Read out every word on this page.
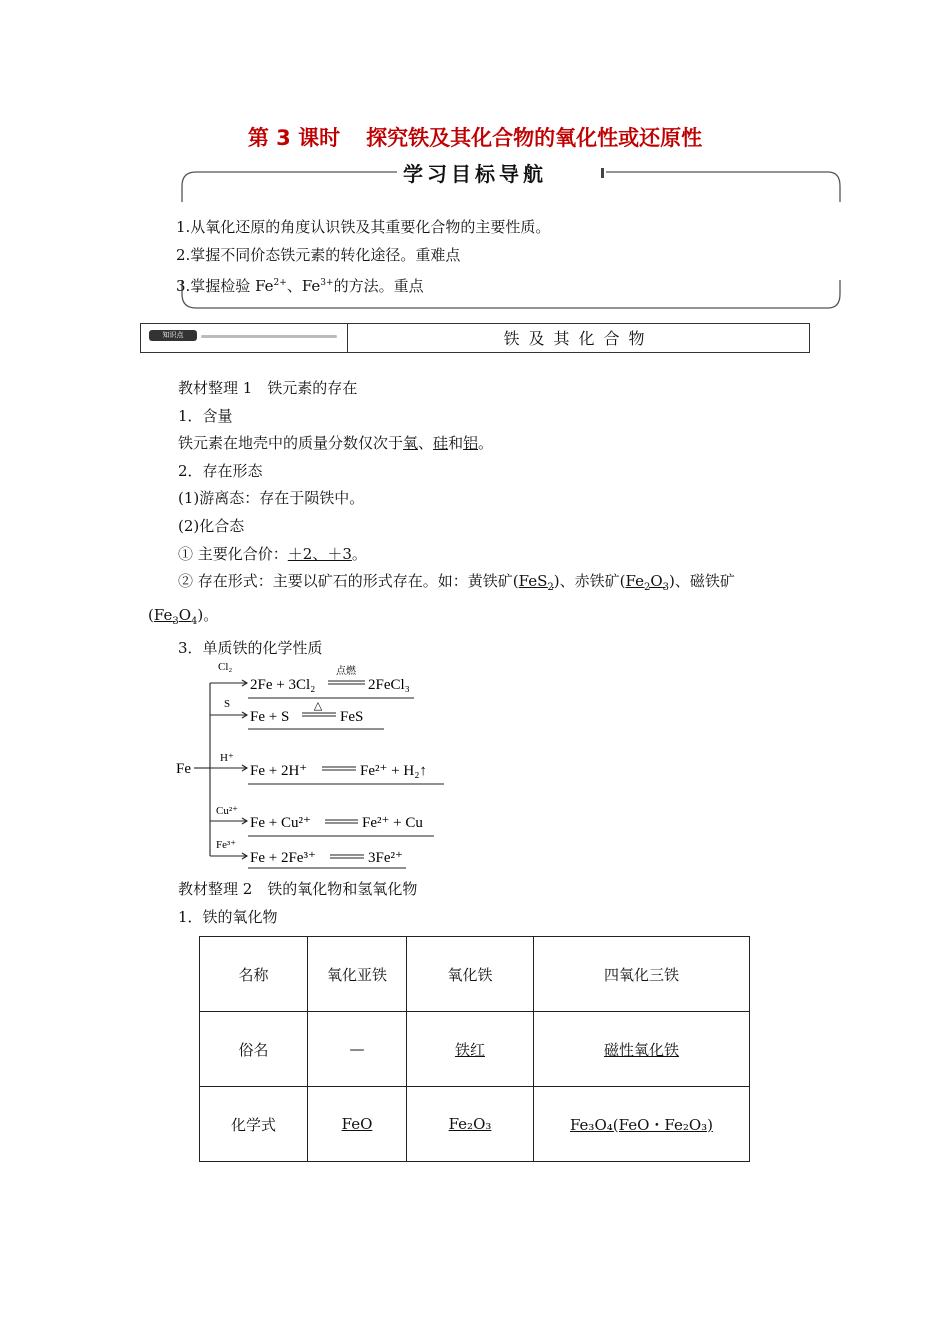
第 3 课时 探究铁及其化合物的氧化性或还原性
学习目标导航
1.从氧化还原的角度认识铁及其重要化合物的主要性质。
2.掌握不同价态铁元素的转化途径。重难点
3.掌握检验 $Fe^{2+}$、$Fe^{3+}$的方法。重点
知识点	铁及其化合物

教材整理 1　铁元素的存在

1．含量

铁元素在地壳中的质量分数仅次于氧、硅和铝。

2．存在形态

(1)游离态：存在于陨铁中。

(2)化合态

① 主要化合价：＋2、＋3。

② 存在形式：主要以矿石的形式存在。如：黄铁矿(FeS$_2$)、赤铁矿$(Fe_2O_3)$、磁铁矿

$(Fe_3O_4)$。

3．单质铁的化学性质

Fe
Cl₂
2Fe + 3Cl₂
点燃
2FeCl₃
S
Fe + S
△
FeS
H⁺
Fe + 2H⁺	Fe²⁺ + H₂↑
Cu²⁺
Fe + Cu²⁺	Fe²⁺ + Cu
Fe³⁺
Fe + 2Fe³⁺	3Fe²⁺

教材整理 2　铁的氧化物和氢氧化物

1．铁的氧化物

名称	氧化亚铁	氧化铁	四氧化三铁
俗名	—	铁红	磁性氧化铁
化学式	FeO	Fe₂O₃	Fe₃O₄(FeO・Fe₂O₃)
